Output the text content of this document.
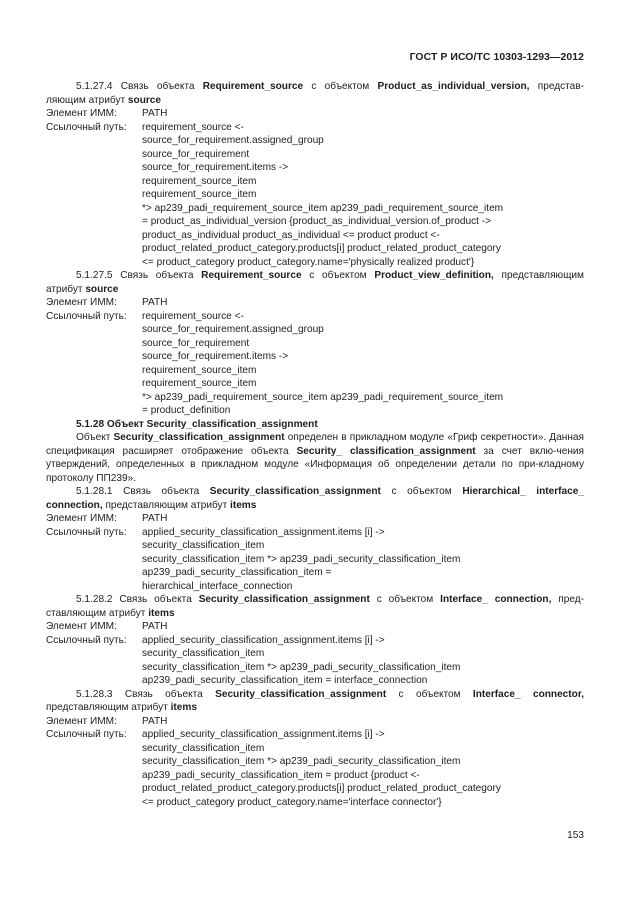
ГОСТ Р ИСО/ТС 10303-1293—2012

5.1.27.4 Связь объекта Requirement_source с объектом Product_as_individual_version, представ-ляющим атрибут source

Элемент ИММ:	PATH
Ссылочный путь:	requirement_source <-
source_for_requirement.assigned_group
source_for_requirement
source_for_requirement.items ->
requirement_source_item
requirement_source_item
*> ap239_padi_requirement_source_item ap239_padi_requirement_source_item
= product_as_individual_version {product_as_individual_version.of_product ->
product_as_individual product_as_individual <= product product <-
product_related_product_category.products[i] product_related_product_category
<= product_category product_category.name='physically realized product'}

5.1.27.5 Связь объекта Requirement_source с объектом Product_view_definition, представляющим атрибут source

Элемент ИММ:	PATH
Ссылочный путь:	requirement_source <-
source_for_requirement.assigned_group
source_for_requirement
source_for_requirement.items ->
requirement_source_item
requirement_source_item
*> ap239_padi_requirement_source_item ap239_padi_requirement_source_item
= product_definition

5.1.28 Объект Security_classification_assignment

Объект Security_classification_assignment определен в прикладном модуле «Гриф секретности». Данная спецификация расширяет отображение объекта Security_ classification_assignment за счет вклю-чения утверждений, определенных в прикладном модуле «Информация об определении детали по при-кладному протоколу ПП239».

5.1.28.1 Связь объекта Security_classification_assignment с объектом Hierarchical_ interface_ connection, представляющим атрибут items

Элемент ИММ:	PATH
Ссылочный путь:	applied_security_classification_assignment.items [i] ->
security_classification_item
security_classification_item *> ap239_padi_security_classification_item
ap239_padi_security_classification_item =
hierarchical_interface_connection

5.1.28.2 Связь объекта Security_classification_assignment с объектом Interface_ connection, пред-ставляющим атрибут items

Элемент ИММ:	PATH
Ссылочный путь:	applied_security_classification_assignment.items [i] ->
security_classification_item
security_classification_item *> ap239_padi_security_classification_item
ap239_padi_security_classification_item = interface_connection

5.1.28.3 Связь объекта Security_classification_assignment с объектом Interface_ connector, представляющим атрибут items

Элемент ИММ:	PATH
Ссылочный путь:	applied_security_classification_assignment.items [i] ->
security_classification_item
security_classification_item *> ap239_padi_security_classification_item
ap239_padi_security_classification_item = product {product <-
product_related_product_category.products[i] product_related_product_category
<= product_category product_category.name='interface connector'}
153
